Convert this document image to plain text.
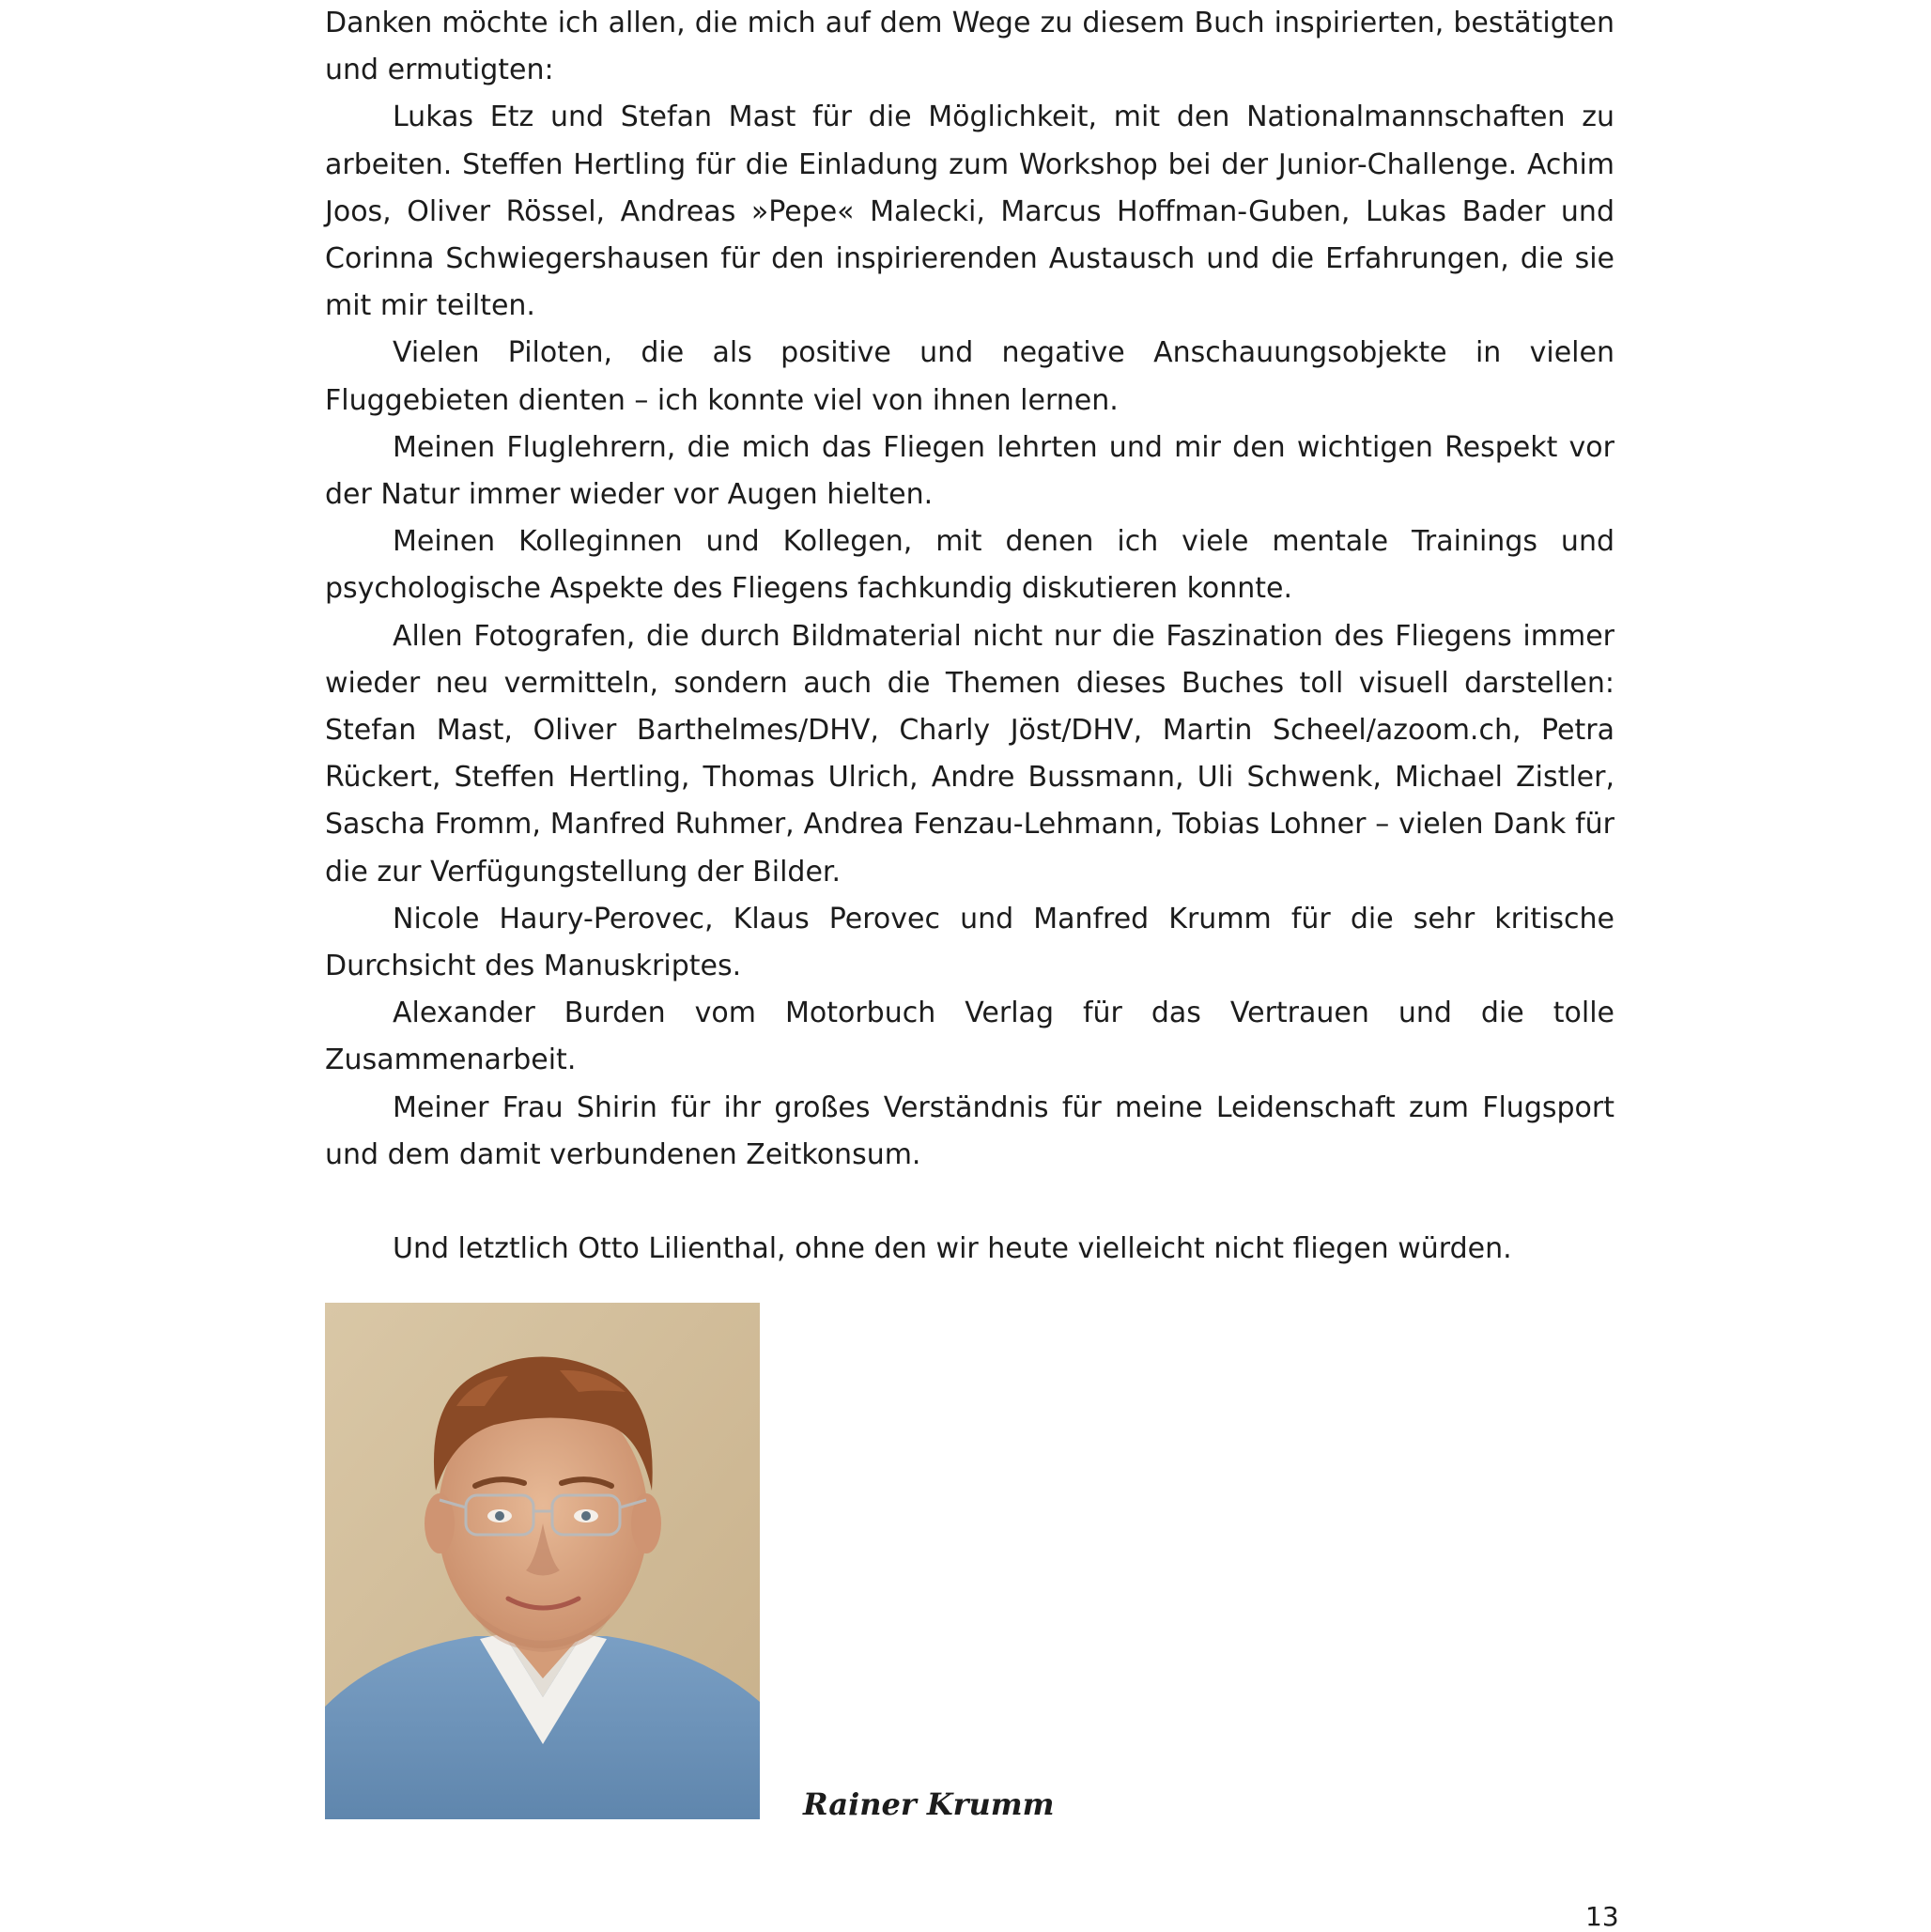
Danken möchte ich allen, die mich auf dem Wege zu diesem Buch inspirierten, bestätigten und ermutigten:

Lukas Etz und Stefan Mast für die Möglichkeit, mit den Nationalmannschaften zu arbeiten. Steffen Hertling für die Einladung zum Workshop bei der Junior-Challenge. Achim Joos, Oliver Rössel, Andreas »Pepe« Malecki, Marcus Hoffman-Guben, Lukas Bader und Corinna Schwiegershausen für den inspirierenden Austausch und die Erfahrungen, die sie mit mir teilten.

Vielen Piloten, die als positive und negative Anschauungsobjekte in vielen Fluggebieten dienten – ich konnte viel von ihnen lernen.

Meinen Fluglehrern, die mich das Fliegen lehrten und mir den wichtigen Respekt vor der Natur immer wieder vor Augen hielten.

Meinen Kolleginnen und Kollegen, mit denen ich viele mentale Trainings und psychologische Aspekte des Fliegens fachkundig diskutieren konnte.

Allen Fotografen, die durch Bildmaterial nicht nur die Faszination des Fliegens immer wieder neu vermitteln, sondern auch die Themen dieses Buches toll visuell darstellen: Stefan Mast, Oliver Barthelmes/DHV, Charly Jöst/DHV, Martin Scheel/azoom.ch, Petra Rückert, Steffen Hertling, Thomas Ulrich, Andre Bussmann, Uli Schwenk, Michael Zistler, Sascha Fromm, Manfred Ruhmer, Andrea Fenzau-Lehmann, Tobias Lohner – vielen Dank für die zur Verfügungstellung der Bilder.

Nicole Haury-Perovec, Klaus Perovec und Manfred Krumm für die sehr kritische Durchsicht des Manuskriptes.

Alexander Burden vom Motorbuch Verlag für das Vertrauen und die tolle Zusammenarbeit.

Meiner Frau Shirin für ihr großes Verständnis für meine Leidenschaft zum Flugsport und dem damit verbundenen Zeitkonsum.

Und letztlich Otto Lilienthal, ohne den wir heute vielleicht nicht fliegen würden.

Rainer Krumm
13
